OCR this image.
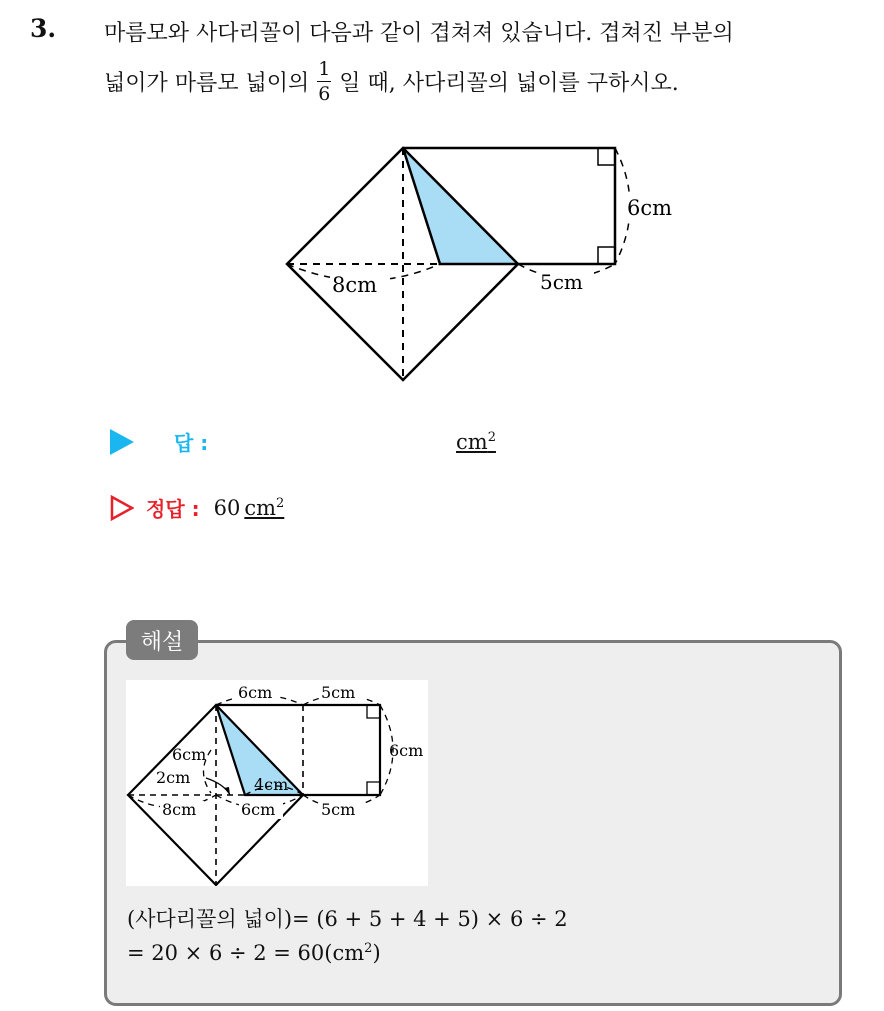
3. 마름모와 사다리꼴이 다음과 같이 겹쳐져 있습니다. 겹쳐진 부분의
넓이가 마름모 넓이의 $\frac{1}{6}$ 일 때, 사다리꼴의 넓이를 구하시오.
6cm
8cm	5cm
답 :	$cm^2$
정답 : 60 $cm^2$
해설
6cm	5cm
6cm
6cm
2cm	4cm
8cm	6cm	5cm
(사다리꼴의 넓이)= (6 + 5 + 4 + 5) × 6 ÷ 2
= $20 \times 6 \div 2 = 60(cm^2)$
